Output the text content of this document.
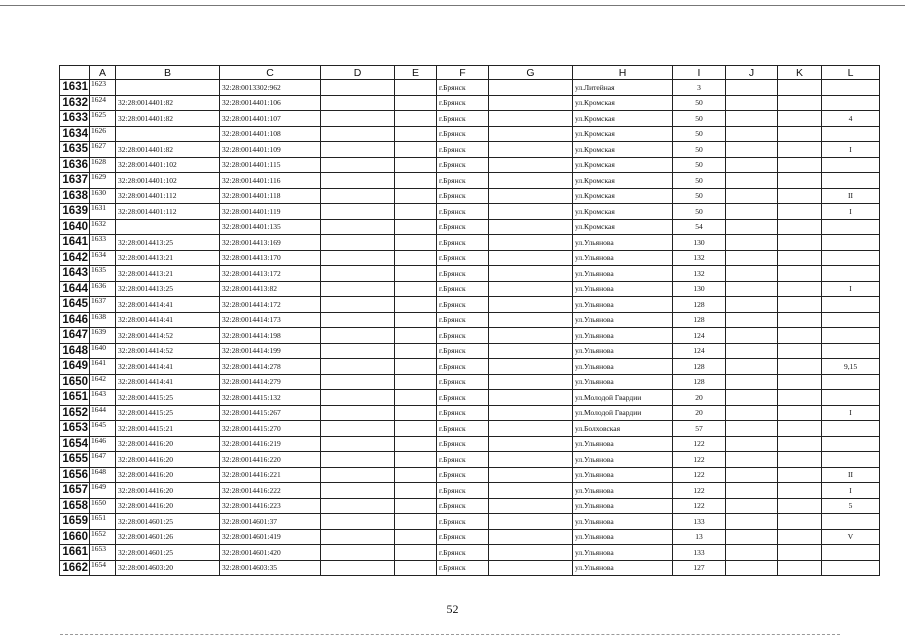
	A	B	C	D	E	F	G	H	I	J	K	L
1631	1623		32:28:0013302:962			г.Брянск		ул.Литейная	3			
1632	1624	32:28:0014401:82	32:28:0014401:106			г.Брянск		ул.Кромская	50			
1633	1625	32:28:0014401:82	32:28:0014401:107			г.Брянск		ул.Кромская	50			4
1634	1626		32:28:0014401:108			г.Брянск		ул.Кромская	50			
1635	1627	32:28:0014401:82	32:28:0014401:109			г.Брянск		ул.Кромская	50			I
1636	1628	32:28:0014401:102	32:28:0014401:115			г.Брянск		ул.Кромская	50			
1637	1629	32:28:0014401:102	32:28:0014401:116			г.Брянск		ул.Кромская	50			
1638	1630	32:28:0014401:112	32:28:0014401:118			г.Брянск		ул.Кромская	50			II
1639	1631	32:28:0014401:112	32:28:0014401:119			г.Брянск		ул.Кромская	50			I
1640	1632		32:28:0014401:135			г.Брянск		ул.Кромская	54			
1641	1633	32:28:0014413:25	32:28:0014413:169			г.Брянск		ул.Ульянова	130			
1642	1634	32:28:0014413:21	32:28:0014413:170			г.Брянск		ул.Ульянова	132			
1643	1635	32:28:0014413:21	32:28:0014413:172			г.Брянск		ул.Ульянова	132			
1644	1636	32:28:0014413:25	32:28:0014413:82			г.Брянск		ул.Ульянова	130			I
1645	1637	32:28:0014414:41	32:28:0014414:172			г.Брянск		ул.Ульянова	128			
1646	1638	32:28:0014414:41	32:28:0014414:173			г.Брянск		ул.Ульянова	128			
1647	1639	32:28:0014414:52	32:28:0014414:198			г.Брянск		ул.Ульянова	124			
1648	1640	32:28:0014414:52	32:28:0014414:199			г.Брянск		ул.Ульянова	124			
1649	1641	32:28:0014414:41	32:28:0014414:278			г.Брянск		ул.Ульянова	128			9,15
1650	1642	32:28:0014414:41	32:28:0014414:279			г.Брянск		ул.Ульянова	128			
1651	1643	32:28:0014415:25	32:28:0014415:132			г.Брянск		ул.Молодой Гвардии	20			
1652	1644	32:28:0014415:25	32:28:0014415:267			г.Брянск		ул.Молодой Гвардии	20			I
1653	1645	32:28:0014415:21	32:28:0014415:270			г.Брянск		ул.Болховская	57			
1654	1646	32:28:0014416:20	32:28:0014416:219			г.Брянск		ул.Ульянова	122			
1655	1647	32:28:0014416:20	32:28:0014416:220			г.Брянск		ул.Ульянова	122			
1656	1648	32:28:0014416:20	32:28:0014416:221			г.Брянск		ул.Ульянова	122			II
1657	1649	32:28:0014416:20	32:28:0014416:222			г.Брянск		ул.Ульянова	122			I
1658	1650	32:28:0014416:20	32:28:0014416:223			г.Брянск		ул.Ульянова	122			5
1659	1651	32:28:0014601:25	32:28:0014601:37			г.Брянск		ул.Ульянова	133			
1660	1652	32:28:0014601:26	32:28:0014601:419			г.Брянск		ул.Ульянова	13			V
1661	1653	32:28:0014601:25	32:28:0014601:420			г.Брянск		ул.Ульянова	133			
1662	1654	32:28:0014603:20	32:28:0014603:35			г.Брянск		ул.Ульянова	127			
52
